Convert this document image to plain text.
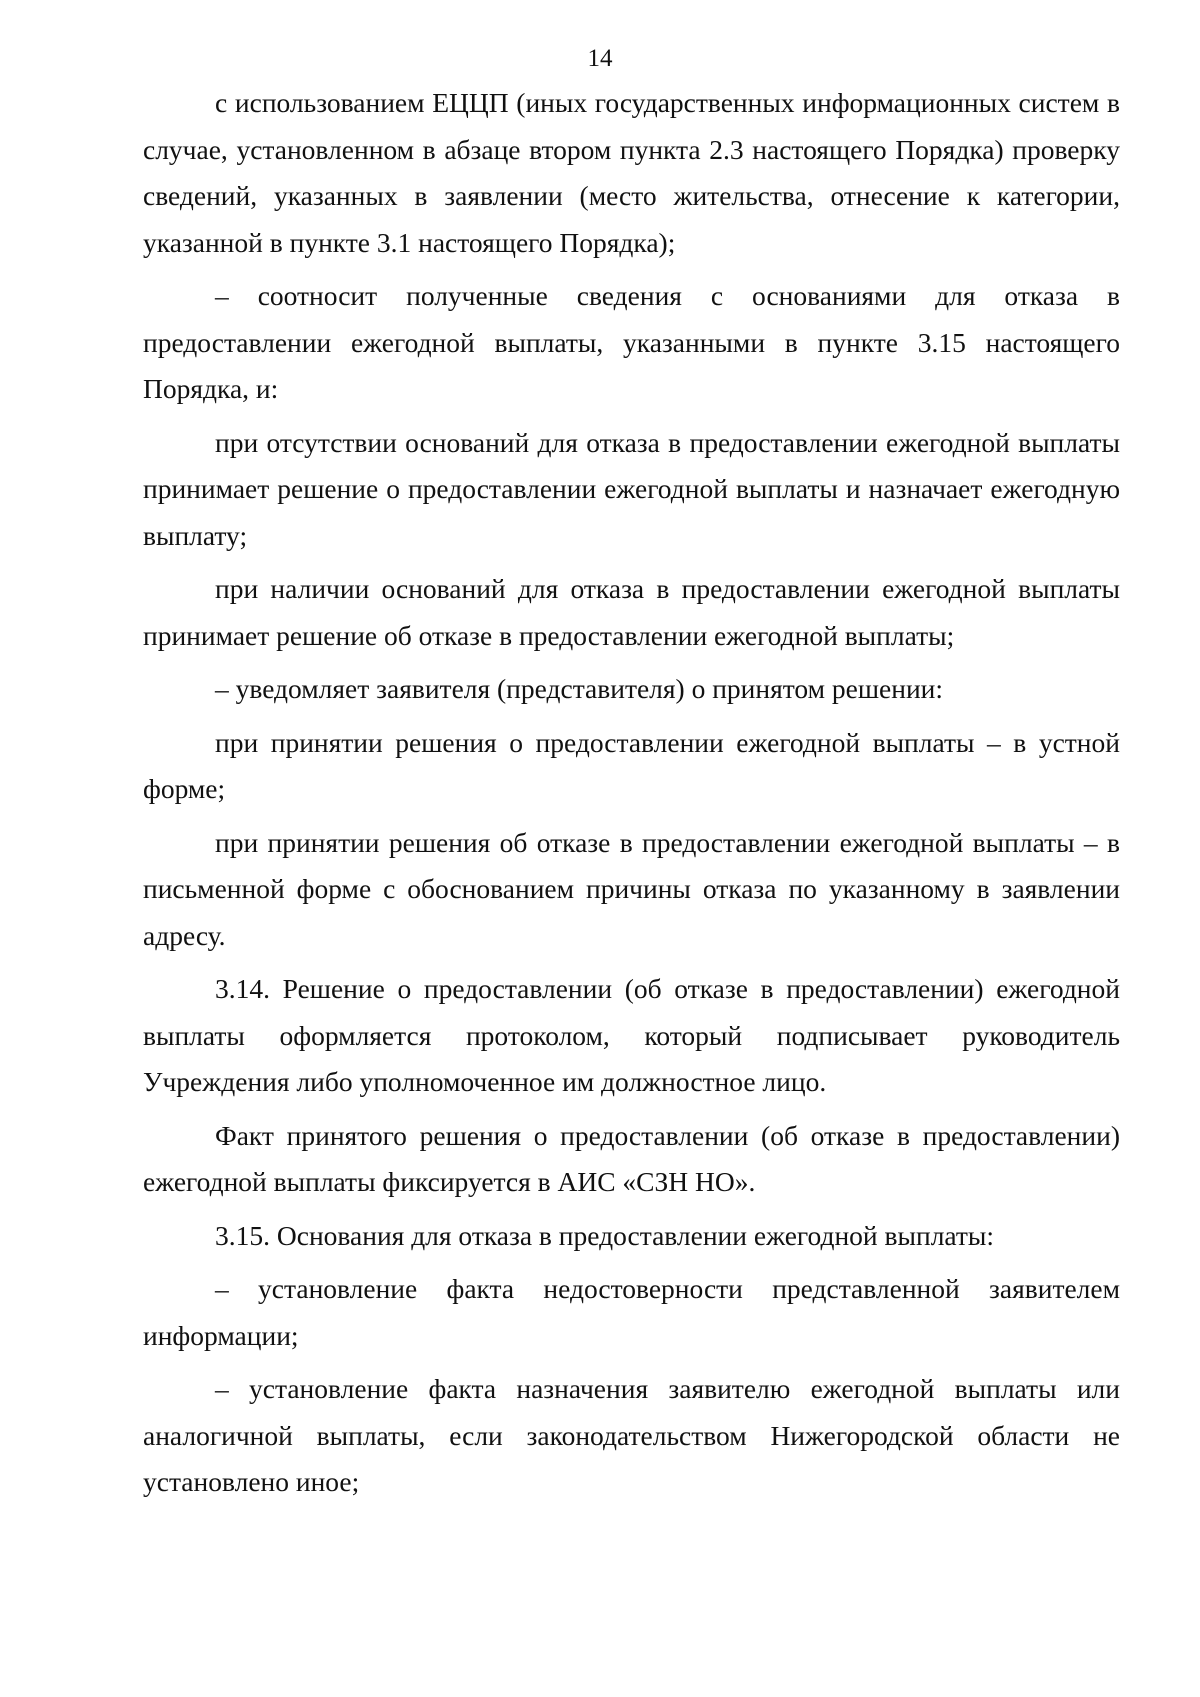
14

с использованием ЕЦЦП (иных государственных информационных систем в случае, установленном в абзаце втором пункта 2.3 настоящего Порядка) проверку сведений, указанных в заявлении (место жительства, отнесение к категории, указанной в пункте 3.1 настоящего Порядка);

– соотносит полученные сведения с основаниями для отказа в предоставлении ежегодной выплаты, указанными в пункте 3.15 настоящего Порядка, и:

при отсутствии оснований для отказа в предоставлении ежегодной выплаты принимает решение о предоставлении ежегодной выплаты и назначает ежегодную выплату;

при наличии оснований для отказа в предоставлении ежегодной выплаты принимает решение об отказе в предоставлении ежегодной выплаты;

– уведомляет заявителя (представителя) о принятом решении:

при принятии решения о предоставлении ежегодной выплаты – в устной форме;

при принятии решения об отказе в предоставлении ежегодной выплаты – в письменной форме с обоснованием причины отказа по указанному в заявлении адресу.

3.14. Решение о предоставлении (об отказе в предоставлении) ежегодной выплаты оформляется протоколом, который подписывает руководитель Учреждения либо уполномоченное им должностное лицо.

Факт принятого решения о предоставлении (об отказе в предоставлении) ежегодной выплаты фиксируется в АИС «СЗН НО».

3.15. Основания для отказа в предоставлении ежегодной выплаты:

– установление факта недостоверности представленной заявителем информации;

– установление факта назначения заявителю ежегодной выплаты или аналогичной выплаты, если законодательством Нижегородской области не установлено иное;
